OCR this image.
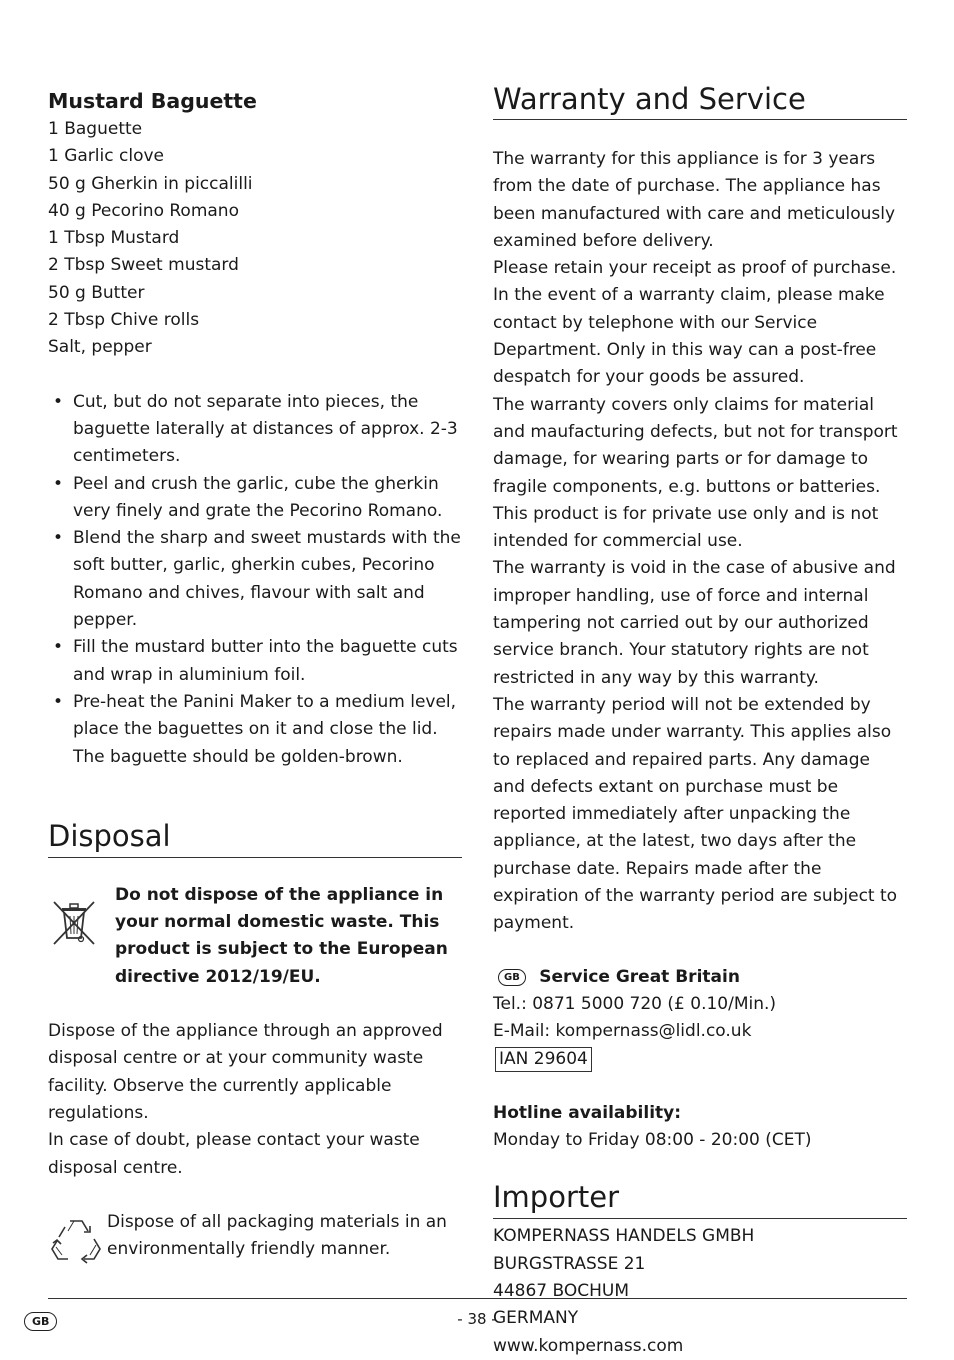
Mustard Baguette
1 Baguette
1 Garlic clove
50 g Gherkin in piccalilli
40 g Pecorino Romano
1 Tbsp Mustard
2 Tbsp Sweet mustard
50 g Butter
2 Tbsp Chive rolls
Salt, pepper
• Cut, but do not separate into pieces, the baguette laterally at distances of approx. 2-3 centimeters.
• Peel and crush the garlic, cube the gherkin very finely and grate the Pecorino Romano.
• Blend the sharp and sweet mustards with the soft butter, garlic, gherkin cubes, Pecorino Romano and chives, flavour with salt and pepper.
• Fill the mustard butter into the baguette cuts and wrap in aluminium foil.
• Pre-heat the Panini Maker to a medium level, place the baguettes on it and close the lid. The baguette should be golden-brown.
Disposal

Do not dispose of the appliance in your normal domestic waste. This product is subject to the European directive 2012/19/EU.

Dispose of the appliance through an approved disposal centre or at your community waste facility. Observe the currently applicable regulations.

In case of doubt, please contact your waste disposal centre.

Dispose of all packaging materials in an environmentally friendly manner.

Warranty and Service

The warranty for this appliance is for 3 years from the date of purchase. The appliance has been manufactured with care and meticulously examined before delivery.

Please retain your receipt as proof of purchase. In the event of a warranty claim, please make contact by telephone with our Service Department. Only in this way can a post-free despatch for your goods be assured.

The warranty covers only claims for material and maufacturing defects, but not for transport damage, for wearing parts or for damage to fragile components, e.g. buttons or batteries. This product is for private use only and is not intended for commercial use.

The warranty is void in the case of abusive and improper handling, use of force and internal tampering not carried out by our authorized service branch. Your statutory rights are not restricted in any way by this warranty.

The warranty period will not be extended by repairs made under warranty. This applies also to replaced and repaired parts. Any damage and defects extant on purchase must be reported immediately after unpacking the appliance, at the latest, two days after the purchase date. Repairs made after the expiration of the warranty period are subject to payment.

GB Service Great Britain
Tel.: 0871 5000 720 (£ 0.10/Min.)
E-Mail: kompernass@lidl.co.uk
IAN 29604
Hotline availability:
Monday to Friday 08:00 - 20:00 (CET)
Importer
KOMPERNASS HANDELS GMBH
BURGSTRASSE 21
44867 BOCHUM
GERMANY
www.kompernass.com
GB	- 38 -
